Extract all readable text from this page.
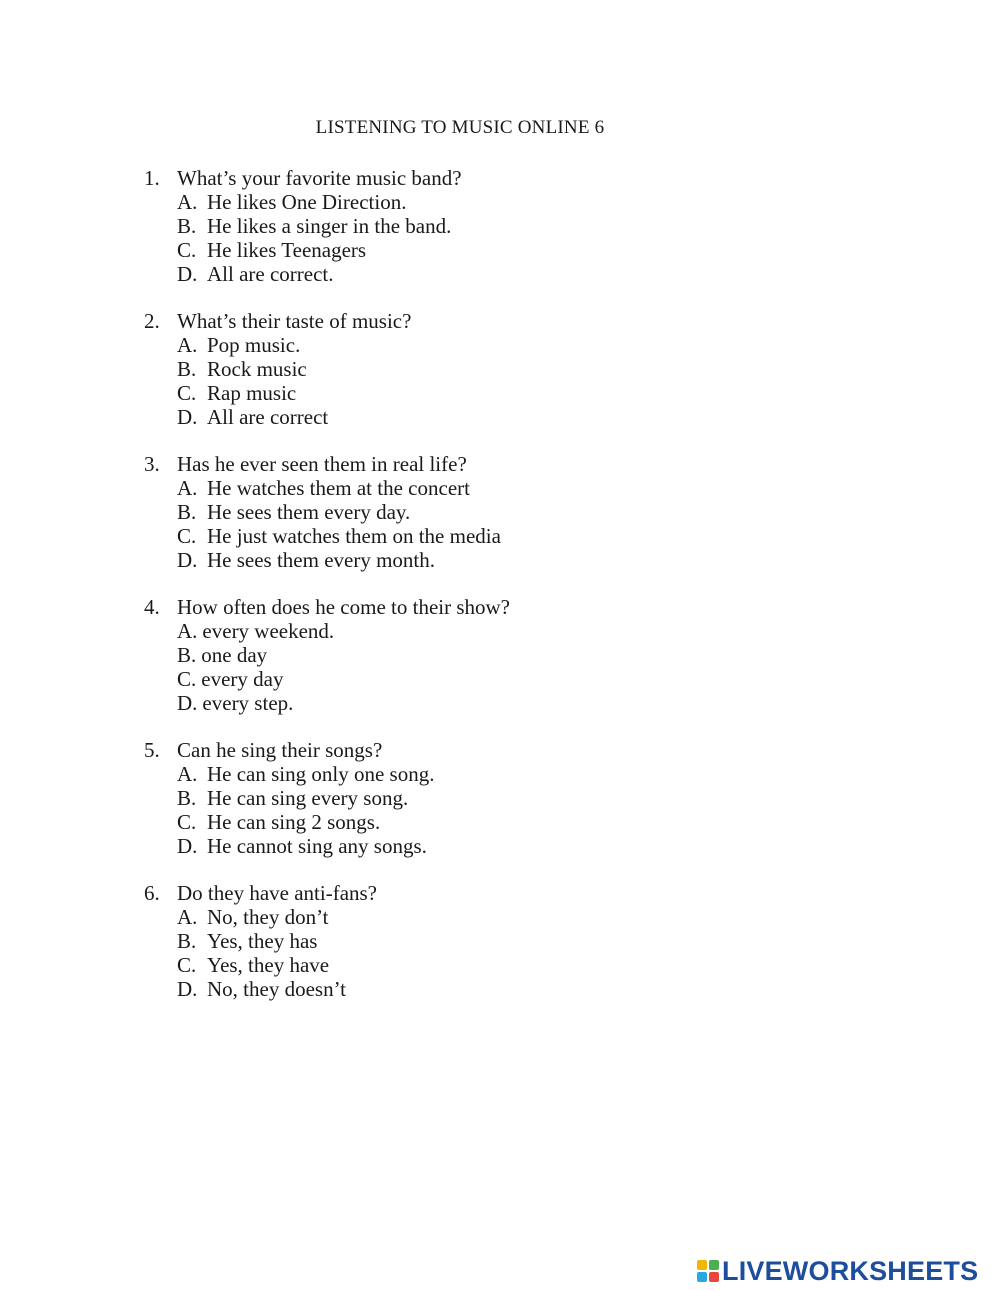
LISTENING TO MUSIC ONLINE 6
1. What’s your favorite music band?
A. He likes One Direction.
B. He likes a singer in the band.
C. He likes Teenagers
D. All are correct.
2. What’s their taste of music?
A. Pop music.
B. Rock music
C. Rap music
D. All are correct
3. Has he ever seen them in real life?
A. He watches them at the concert
B. He sees them every day.
C. He just watches them on the media
D. He sees them every month.
4. How often does he come to their show?
A. every weekend.
B. one day
C. every day
D. every step.
5. Can he sing their songs?
A. He can sing only one song.
B. He can sing every song.
C. He can sing 2 songs.
D. He cannot sing any songs.
6. Do they have anti-fans?
A. No, they don’t
B. Yes, they has
C. Yes, they have
D. No, they doesn’t
LIVEWORKSHEETS
